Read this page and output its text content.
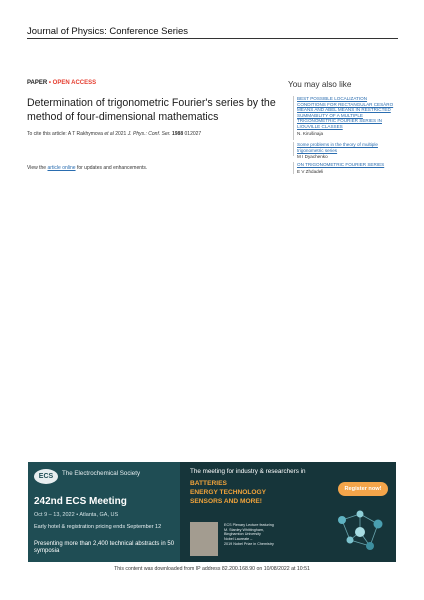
Journal of Physics: Conference Series
PAPER • OPEN ACCESS
Determination of trigonometric Fourier's series by the method of four-dimensional mathematics
To cite this article: A T Rakhymova et al 2021 J. Phys.: Conf. Ser. 1988 012027
View the article online for updates and enhancements.
You may also like
BEST POSSIBLE LOCALIZATION CONDITIONS FOR RECTANGULAR CESÀRO MEANS AND ABEL MEANS IN RESTRICTED SUMMABILITY OF A MULTIPLE TRIGONOMETRIC FOURIER SERIES IN LIOUVILLE CLASSES
N. Kirušinaja
Some problems in the theory of multiple trigonometric series
M I Dyachenko
ON TRIGONOMETRIC FOURIER SERIES
E V Zhdadeli
ECS	The Electrochemical Society
242nd ECS Meeting
Oct 9 – 13, 2022 • Atlanta, GA, US
Early hotel & registration pricing ends September 12
Presenting more than 2,400 technical abstracts in 50 symposia
The meeting for industry & researchers in
BATTERIES
ENERGY TECHNOLOGY
SENSORS AND MORE!
Register now!
ECS Plenary Lecture featuring
M. Stanley Whittingham,
Binghamton University
Nobel Laureate –
2019 Nobel Prize in Chemistry
This content was downloaded from IP address 82.200.168.90 on 10/08/2022 at 10:51
